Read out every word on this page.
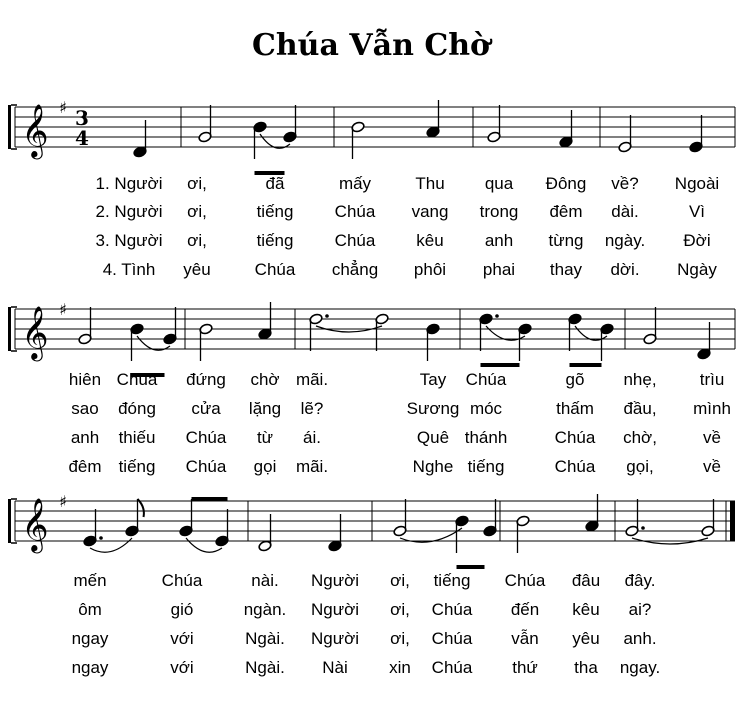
Chúa Vẫn Chờ
𝄞 ♯ 3
4
𝄞 ♯
𝄞 ♯
1. Người ơi,	đã	mấy	Thu qua Đông về? Ngoài
2. Người ơi,	tiếng Chúa vang trong đêm dài.	Vì
3. Người ơi,	tiếng Chúa kêu anh từng ngày. Đời
4. Tình yêu	Chúa chẳng phôi phai thay dời. Ngày
hiên Chúa đứng chờ mãi.	Tay Chúa	gõ nhẹ,	trìu
sao đóng cửa lặng lẽ?	Sương móc	thấm đầu, mình
anh thiếu Chúa từ ái.	Quê thánh	Chúa chờ,	về
đêm tiếng Chúa gọi mãi.	Nghe tiếng	Chúa gọi,	về
mến	Chúa	nài. Người ơi, tiếng Chúa đâu đây.
ôm	gió	ngàn. Người ơi, Chúa đến kêu ai?
ngay	với	Ngài. Người ơi, Chúa vẫn yêu anh.
ngay	với	Ngài. Nài xin Chúa thứ tha ngay.
